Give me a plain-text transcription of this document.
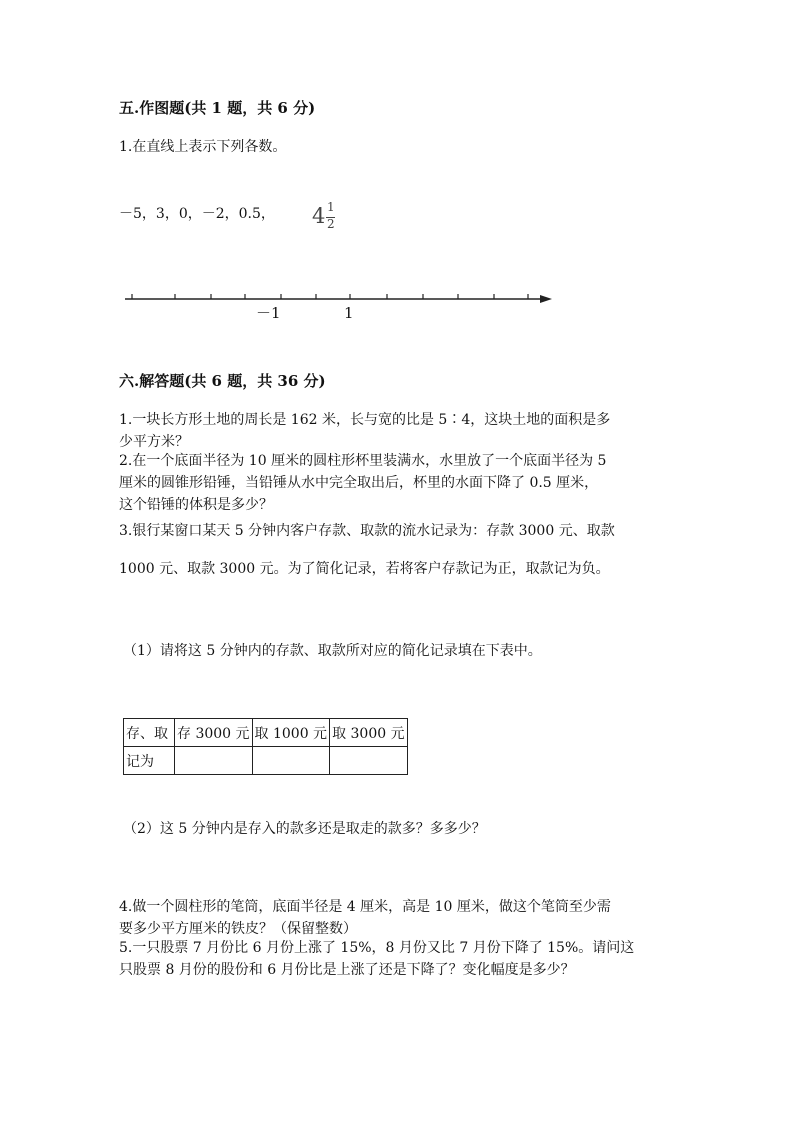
五.作图题(共 1 题，共 6 分)
1.在直线上表示下列各数。
－5，3，0，－2，0.5， 4 1
2
－1	1
六.解答题(共 6 题，共 36 分)
1.一块长方形土地的周长是 162 米，长与宽的比是 5∶4，这块土地的面积是多
少平方米？
2.在一个底面半径为 10 厘米的圆柱形杯里装满水，水里放了一个底面半径为 5
厘米的圆锥形铅锤，当铅锤从水中完全取出后，杯里的水面下降了 0.5 厘米，
这个铅锤的体积是多少？
3.银行某窗口某天 5 分钟内客户存款、取款的流水记录为：存款 3000 元、取款
1000 元、取款 3000 元。为了简化记录，若将客户存款记为正，取款记为负。
（1）请将这 5 分钟内的存款、取款所对应的简化记录填在下表中。
存、取	存 3000 元	取 1000 元	取 3000 元
记为			
（2）这 5 分钟内是存入的款多还是取走的款多？多多少？
4.做一个圆柱形的笔筒，底面半径是 4 厘米，高是 10 厘米，做这个笔筒至少需
要多少平方厘米的铁皮？（保留整数）
5.一只股票 7 月份比 6 月份上涨了 15%，8 月份又比 7 月份下降了 15%。请问这
只股票 8 月份的股份和 6 月份比是上涨了还是下降了？变化幅度是多少？
